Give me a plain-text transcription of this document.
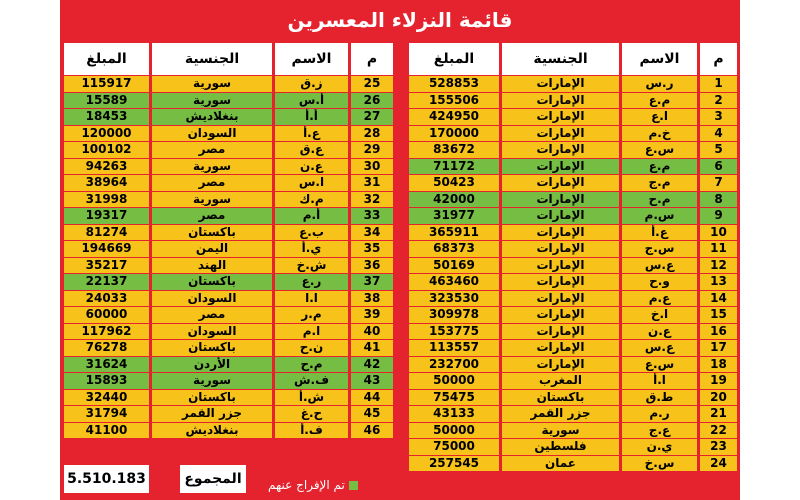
قائمة النزلاء المعسرين
م	الاسم	الجنسية	المبلغ
1	ر.س	الإمارات	528853
2	م.ع	الإمارات	155506
3	ا.ع	الإمارات	424950
4	خ.م	الإمارات	170000
5	س.ع	الإمارات	83672
6	م.ع	الإمارات	71172
7	م.ج	الإمارات	50423
8	م.ح	الإمارات	42000
9	س.م	الإمارات	31977
10	ع.أ	الإمارات	365911
11	س.ج	الإمارات	68373
12	ع.س	الإمارات	50169
13	و.ح	الإمارات	463460
14	ع.م	الإمارات	323530
15	ا.خ	الإمارات	309978
16	ع.ن	الإمارات	153775
17	ع.س	الإمارات	113557
18	س.ع	الإمارات	232700
19	ا.أ	المغرب	50000
20	ط.ق	باكستان	75475
21	ر.م	جزر القمر	43133
22	ع.ج	سورية	50000
23	ي.ن	فلسطين	75000
24	س.خ	عمان	257545
م	الاسم	الجنسية	المبلغ
25	ز.ق	سورية	115917
26	أ.س	سورية	15589
27	أ.أ	بنغلاديش	18453
28	ع.أ	السودان	120000
29	ع.ق	مصر	100102
30	ع.ن	سورية	94263
31	ا.س	مصر	38964
32	م.ك	سورية	31998
33	أ.م	مصر	19317
34	ب.ع	باكستان	81274
35	ي.أ	اليمن	194669
36	ش.خ	الهند	35217
37	ر.ع	باكستان	22137
38	ا.ا	السودان	24033
39	م.ر	مصر	60000
40	ا.م	السودان	117962
41	ن.ح	باكستان	76278
42	م.ح	الأردن	31624
43	ف.ش	سورية	15893
44	ش.أ	باكستان	32440
45	ح.غ	جزر القمر	31794
46	ف.أ	بنغلاديش	41100
5.510.183	المجموع	تم الإفراج عنهم
